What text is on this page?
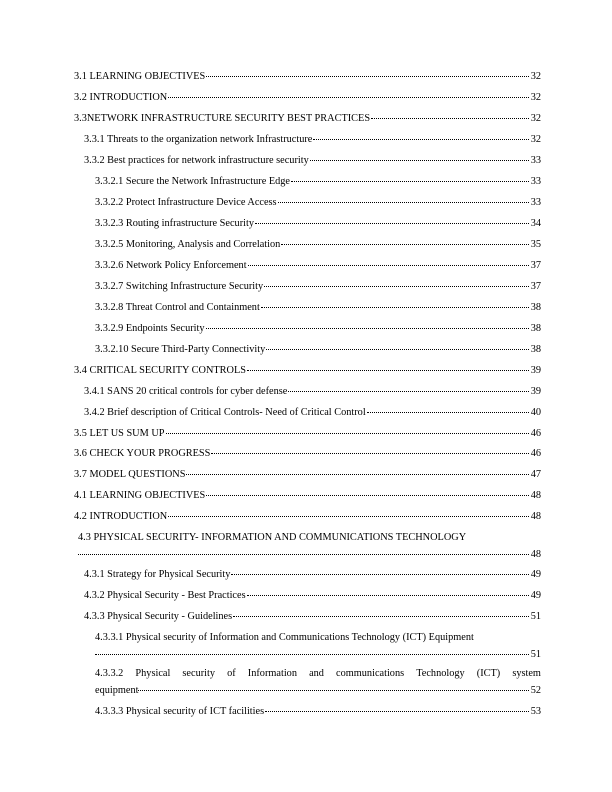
3.1 LEARNING OBJECTIVES	32
3.2 INTRODUCTION	32
3.3NETWORK INFRASTRUCTURE SECURITY BEST PRACTICES	32
3.3.1 Threats to the organization network Infrastructure	32
3.3.2 Best practices for network infrastructure security	33
3.3.2.1 Secure the Network Infrastructure Edge	33
3.3.2.2 Protect Infrastructure Device Access	33
3.3.2.3 Routing infrastructure Security	34
3.3.2.5 Monitoring, Analysis and Correlation	35
3.3.2.6 Network Policy Enforcement	37
3.3.2.7 Switching Infrastructure Security	37
3.3.2.8 Threat Control and Containment	38
3.3.2.9 Endpoints Security	38
3.3.2.10 Secure Third-Party Connectivity	38
3.4 CRITICAL SECURITY CONTROLS	39
3.4.1 SANS 20 critical controls for cyber defense	39
3.4.2 Brief description of Critical Controls- Need of Critical Control	40
3.5 LET US SUM UP	46
3.6 CHECK YOUR PROGRESS	46
3.7 MODEL QUESTIONS	47
4.1 LEARNING OBJECTIVES	48
4.2 INTRODUCTION	48
4.3 PHYSICAL SECURITY- INFORMATION AND COMMUNICATIONS TECHNOLOGY
48
4.3.1 Strategy for Physical Security	49
4.3.2 Physical Security - Best Practices	49
4.3.3 Physical Security - Guidelines	51
4.3.3.1 Physical security of Information and Communications Technology (ICT) Equipment
51
4.3.3.2 Physical security of Information and communications Technology (ICT) system
equipment	52
4.3.3.3 Physical security of ICT facilities	53
